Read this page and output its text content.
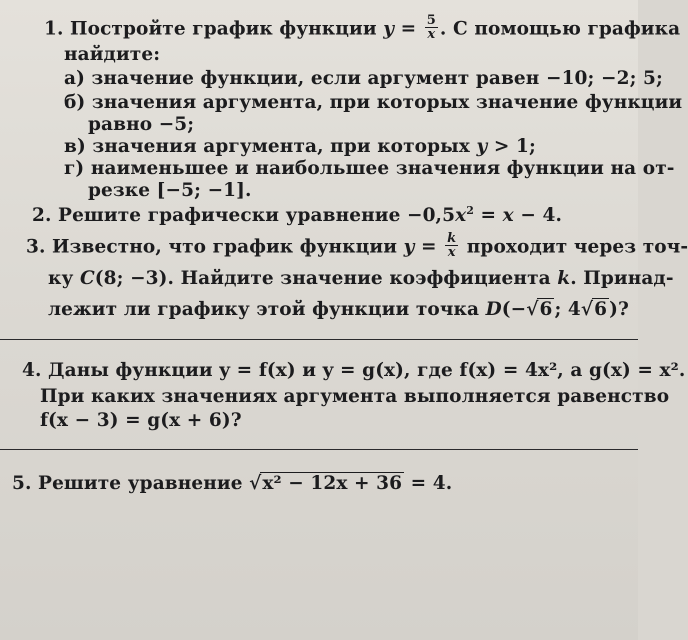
1. Постройте график функции $y = \frac{5}{x}$ . С помощью графика
найдите:
а) значение функции, если аргумент равен −10; −2; 5;
б) значения аргумента, при которых значение функции
равно −5;
в) значения аргумента, при которых y > 1;
г) наименьшее и наибольшее значения функции на от-
резке [−5; −1].
2. Решите графически уравнение $-0,5x^2 = x - 4$.
3. Известно, что график функции $y = \frac{k}{x}$ проходит через точ-
ку C(8; −3). Найдите значение коэффициента k. Принад-
лежит ли графику этой функции точка D(−√6 ; 4√6 )?
4. Даны функции y = f(x) и y = g(x), где f(x) = 4x², а g(x) = x².
При каких значениях аргумента выполняется равенство
f(x − 3) = g(x + 6)?
5. Решите уравнение √x² − 12x + 36 = 4.
